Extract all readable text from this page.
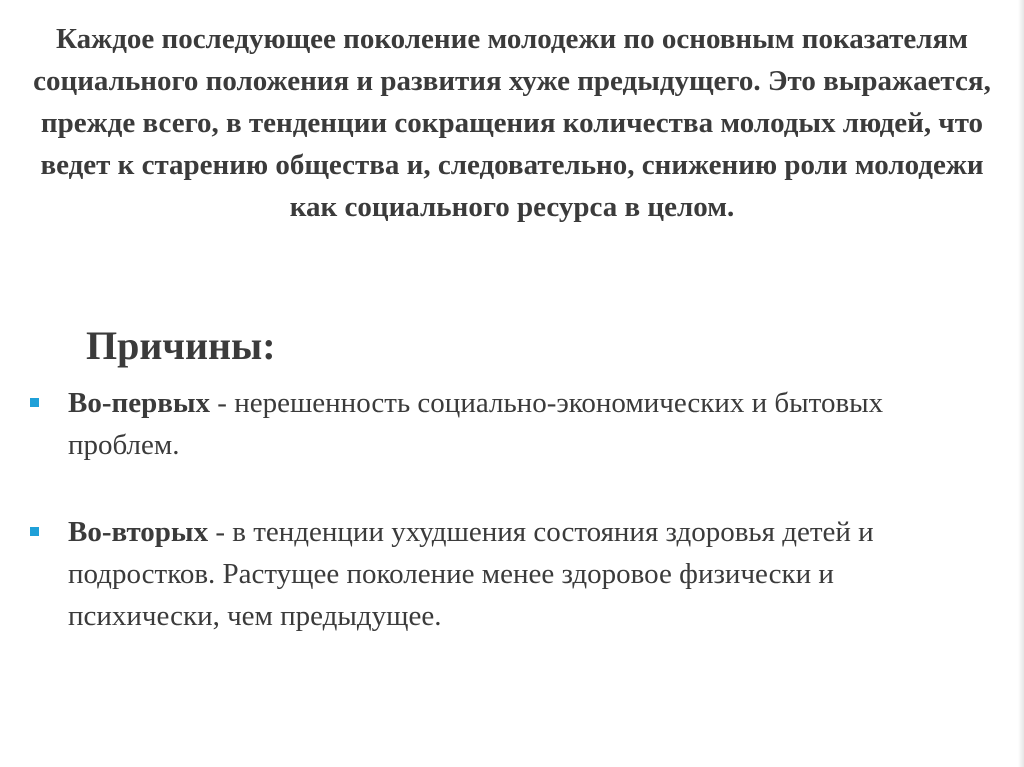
Каждое последующее поколение молодежи по основным показателям социального положения и развития хуже предыдущего. Это выражается, прежде всего, в тенденции сокращения количества молодых людей, что ведет к старению общества и, следовательно, снижению роли молодежи как социального ресурса в целом.
Причины:
Во-первых - нерешенность социально-экономических и бытовых проблем.
Во-вторых - в тенденции ухудшения состояния здоровья детей и подростков. Растущее поколение менее здоровое физически и психически, чем предыдущее.
